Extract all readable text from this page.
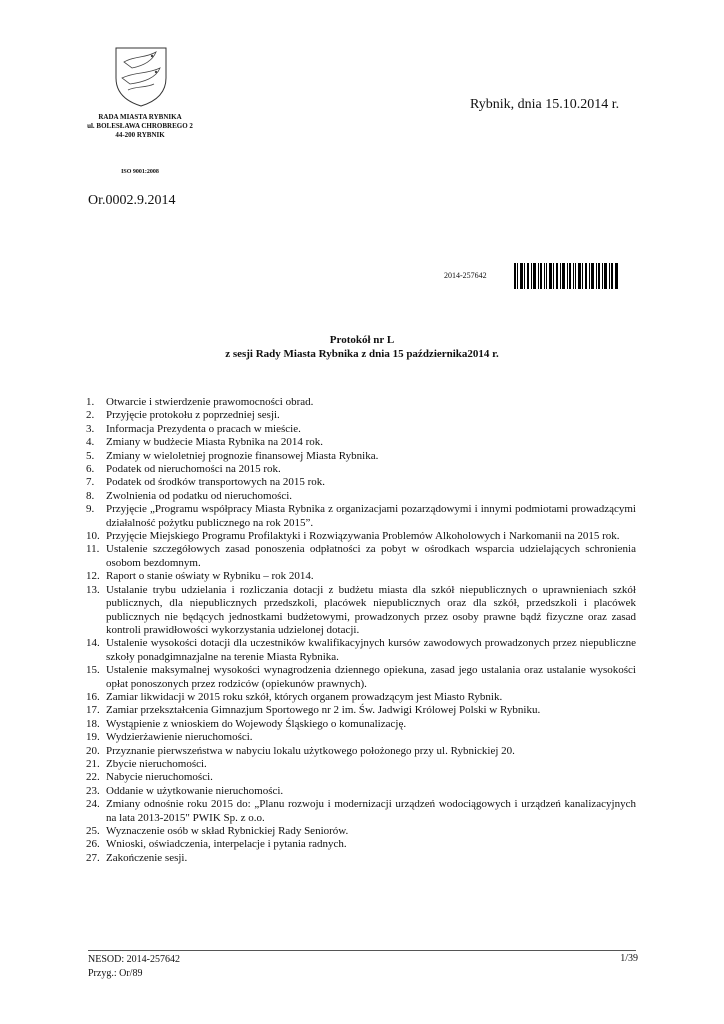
RADA MIASTA RYBNIKA
ul. BOLESŁAWA CHROBREGO 2
44-200 RYBNIK
ISO 9001:2008
Rybnik, dnia 15.10.2014 r.
Or.0002.9.2014
2014-257642
Protokół nr L
z sesji Rady Miasta Rybnika z dnia 15 października2014 r.
1.	Otwarcie i stwierdzenie prawomocności obrad.
2.	Przyjęcie protokołu z poprzedniej sesji.
3.	Informacja Prezydenta o pracach w mieście.
4.	Zmiany w budżecie Miasta Rybnika na 2014 rok.
5.	Zmiany w wieloletniej prognozie finansowej Miasta Rybnika.
6.	Podatek od nieruchomości na 2015 rok.
7.	Podatek od środków transportowych na 2015 rok.
8.	Zwolnienia od podatku od nieruchomości.
9.	Przyjęcie „Programu współpracy Miasta Rybnika z organizacjami pozarządowymi i innymi podmiotami prowadzącymi działalność pożytku publicznego na rok 2015”.
10. Przyjęcie Miejskiego Programu Profilaktyki i Rozwiązywania Problemów Alkoholowych i Narkomanii na 2015 rok.
11. Ustalenie szczegółowych zasad ponoszenia odpłatności za pobyt w ośrodkach wsparcia udzielających schronienia osobom bezdomnym.
12. Raport o stanie oświaty w Rybniku – rok 2014.
13. Ustalanie trybu udzielania i rozliczania dotacji z budżetu miasta dla szkół niepublicznych o uprawnieniach szkół publicznych, dla niepublicznych przedszkoli, placówek niepublicznych oraz dla szkół, przedszkoli i placówek publicznych nie będących jednostkami budżetowymi, prowadzonych przez osoby prawne bądź fizyczne oraz zasad kontroli prawidłowości wykorzystania udzielonej dotacji.
14. Ustalenie wysokości dotacji dla uczestników kwalifikacyjnych kursów zawodowych prowadzonych przez niepubliczne szkoły ponadgimnazjalne na terenie Miasta Rybnika.
15. Ustalenie maksymalnej wysokości wynagrodzenia dziennego opiekuna, zasad jego ustalania oraz ustalanie wysokości opłat ponoszonych przez rodziców (opiekunów prawnych).
16. Zamiar likwidacji w 2015 roku szkół, których organem prowadzącym jest Miasto Rybnik.
17. Zamiar przekształcenia Gimnazjum Sportowego nr 2 im. Św. Jadwigi Królowej Polski w Rybniku.
18. Wystąpienie z wnioskiem do Wojewody Śląskiego o komunalizację.
19. Wydzierżawienie nieruchomości.
20. Przyznanie pierwszeństwa w nabyciu lokalu użytkowego położonego przy ul. Rybnickiej 20.
21. Zbycie nieruchomości.
22. Nabycie nieruchomości.
23. Oddanie w użytkowanie nieruchomości.
24. Zmiany odnośnie roku 2015 do: „Planu rozwoju i modernizacji urządzeń wodociągowych i urządzeń kanalizacyjnych na lata 2013-2015" PWIK Sp. z o.o.
25. Wyznaczenie osób w skład Rybnickiej Rady Seniorów.
26. Wnioski, oświadczenia, interpelacje i pytania radnych.
27. Zakończenie sesji.
NESOD: 2014-257642
Przyg.: Or/89
1/39
